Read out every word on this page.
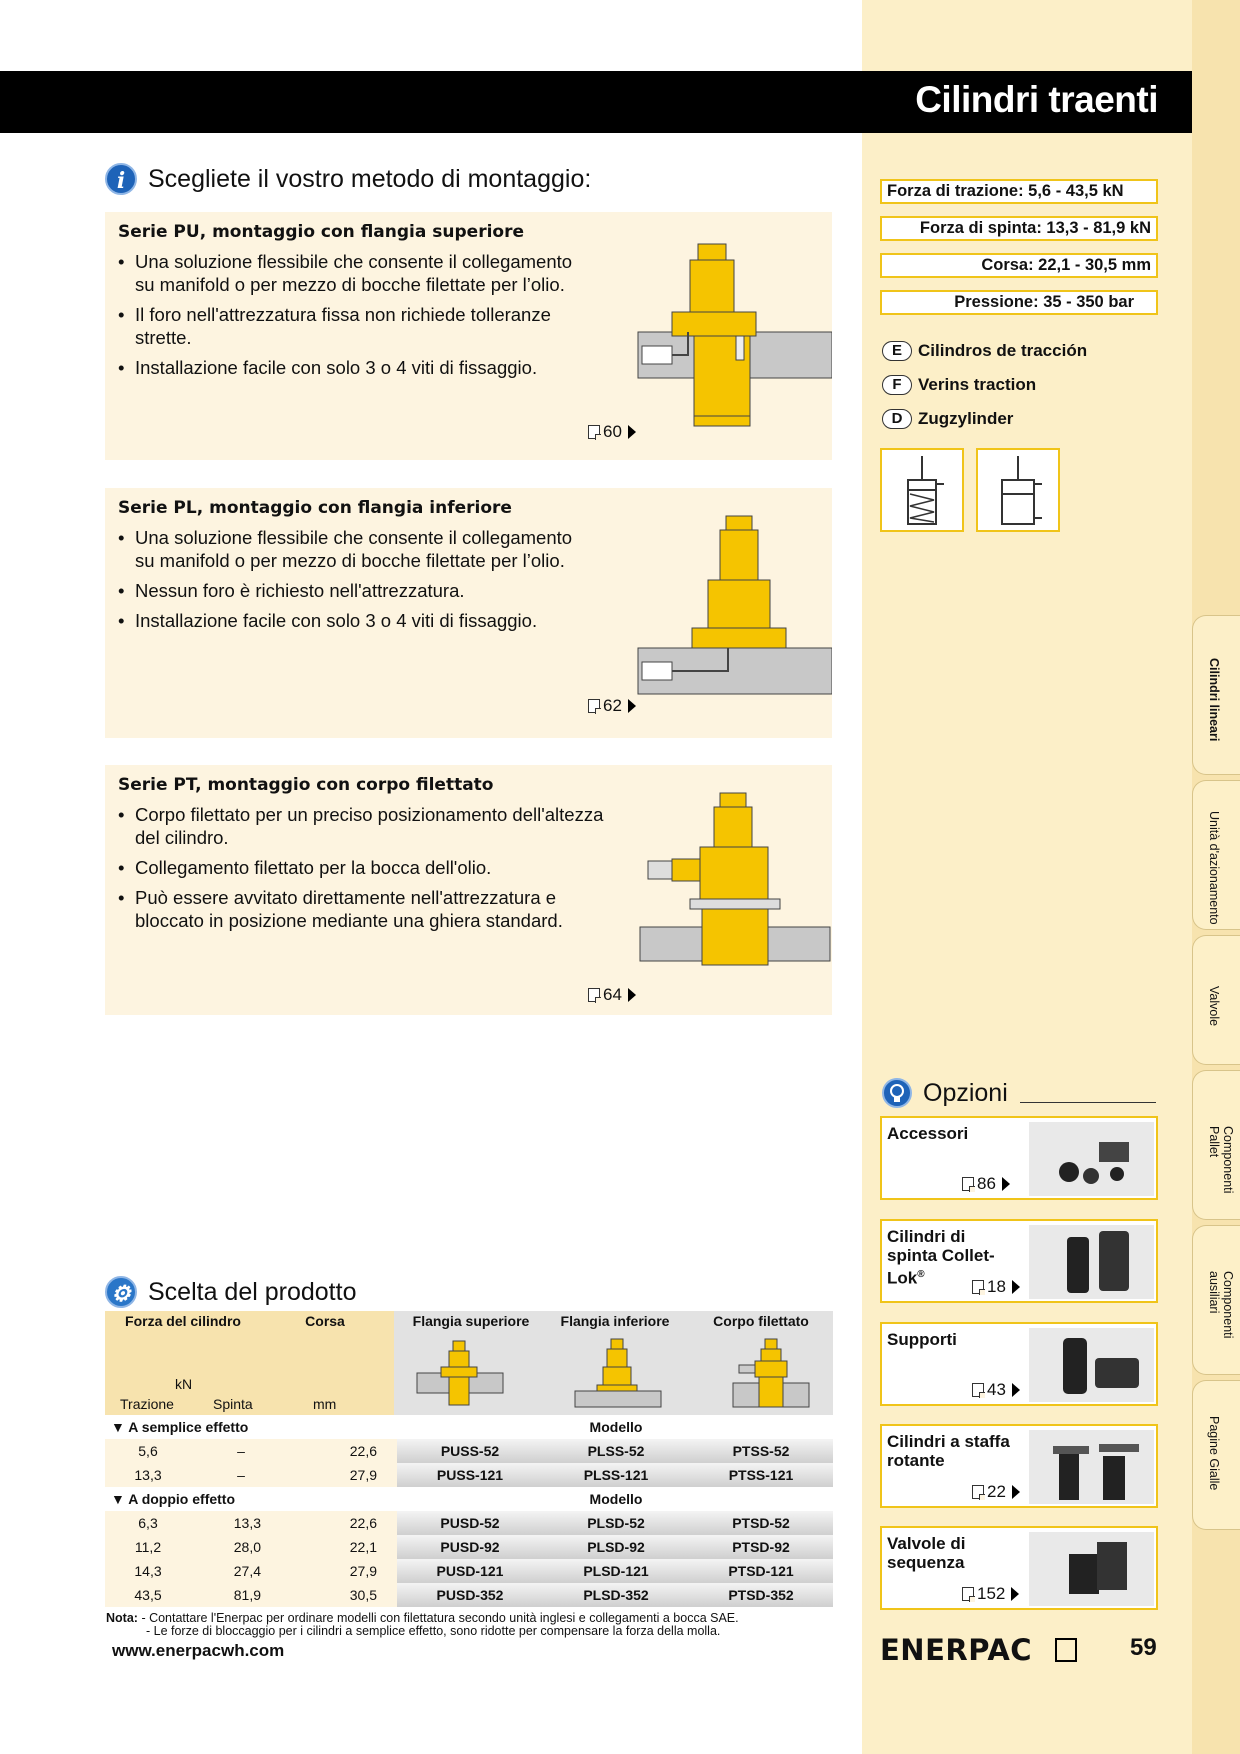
Cilindri traenti
i Scegliete il vostro metodo di montaggio:
Serie PU, montaggio con flangia superiore
• Una soluzione flessibile che consente il collegamento su manifold o per mezzo di bocche filettate per l’olio.
• Il foro nell'attrezzatura fissa non richiede tolleranze strette.
• Installazione facile con solo 3 o 4 viti di fissaggio.
60
Serie PL, montaggio con flangia inferiore
• Una soluzione flessibile che consente il collegamento su manifold o per mezzo di bocche filettate per l’olio.
• Nessun foro è richiesto nell'attrezzatura.
• Installazione facile con solo 3 o 4 viti di fissaggio.
62
Serie PT, montaggio con corpo filettato
• Corpo filettato per un preciso posizionamento dell'altezza del cilindro.
• Collegamento filettato per la bocca dell'olio.
• Può essere avvitato direttamente nell'attrezzatura e bloccato in posizione mediante una ghiera standard.
64
Forza di trazione: 5,6 - 43,5 kN
Forza di spinta: 13,3 - 81,9 kN
Corsa: 22,1 - 30,5 mm
Pressione: 35 - 350 bar
E Cilindros de tracción
F Verins traction
D Zugzylinder
Opzioni
Accessori
86
Cilindri di spinta Collet-Lok®
18
Supporti
43
Cilindri a staffa rotante
22
Valvole di sequenza
152
Cilindri lineari
Unità d'azionamento
Valvole
Componenti Pallet
Componenti ausiliari
Pagine Gialle
⚙ Scelta del prodotto
Forza del cilindro	Corsa
kN
Trazione	Spinta	mm
Flangia superiore	Flangia inferiore	Corpo filettato
▼ A semplice effetto				Modello	
5,6	–	22,6	PUSS-52	PLSS-52	PTSS-52
13,3	–	27,9	PUSS-121	PLSS-121	PTSS-121
▼ A doppio effetto				Modello	
6,3	13,3	22,6	PUSD-52	PLSD-52	PTSD-52
11,2	28,0	22,1	PUSD-92	PLSD-92	PTSD-92
14,3	27,4	27,9	PUSD-121	PLSD-121	PTSD-121
43,5	81,9	30,5	PUSD-352	PLSD-352	PTSD-352
Nota: - Contattare l'Enerpac per ordinare modelli con filettatura secondo unità inglesi e collegamenti a bocca SAE.
- Le forze di bloccaggio per i cilindri a semplice effetto, sono ridotte per compensare la forza della molla.
www.enerpacwh.com	ENERPAC	59
